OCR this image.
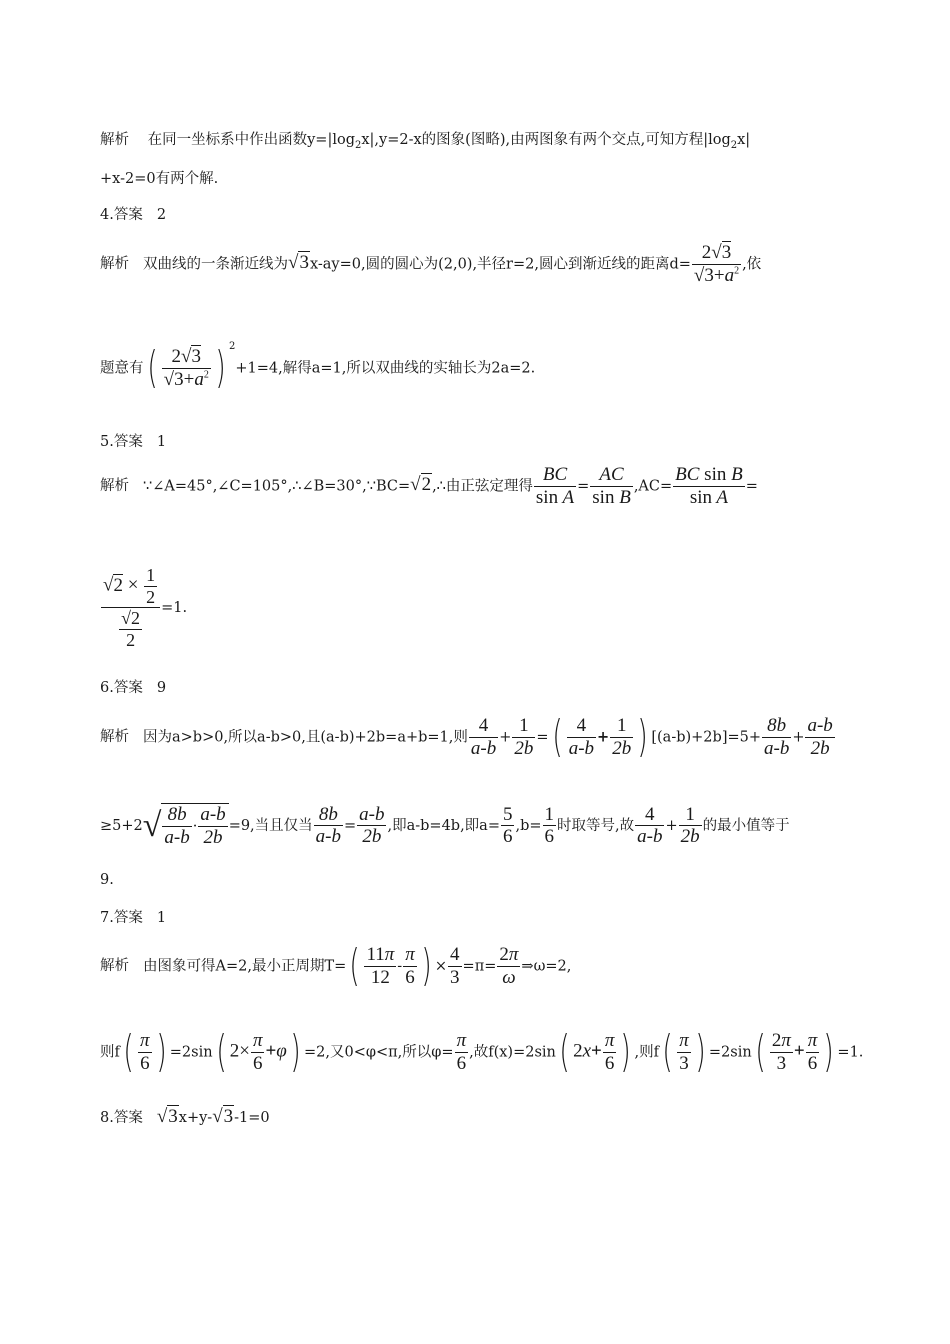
解析 在同一坐标系中作出函数$y=|\log_2x|,y=2-x$的图象(图略),由两图象有两个交点,可知方程$|\log_2x|$
+x-2=0有两个解.
4.答案 2
解析 双曲线的一条渐近线为√3x-ay=0,圆的圆心为(2,0),半径r=2,圆心到渐近线的距离$d= \frac{2√3}{√3+a^2}$ ,依
题意有( $\frac{2√3}{√3+a^2}$ ) $^2$+1=4,解得a=1,所以双曲线的实轴长为2a=2.
5.答案 1
解析 ∵∠A=45°,∠C=105°,∴∠B=30°,∵BC=√2,∴由正弦定理得 $\frac{BC}{\text{sin A}} = \frac{AC}{\text{sin B}} ,AC= \frac{\text{BC sin B}}{\text{sin A}}$ =
$\frac{√2 \times \frac{1}{2}}{\frac{√2}{2}} =1$.
6.答案 9
解析 因为a>b>0,所以a-b>0,且(a-b)+2b=a+b=1,则 $\frac{4}{a-b} + \frac{1}{2b}$ =( $\frac{4}{a-b} + \frac{1}{2b}$ ) $[(a-b)+2b]=5+ \frac{8b}{a-b} + \frac{a-b}{2b}$
$\ge 5+2√ \frac{8b}{a-b} \cdot \frac{a-b}{2b} =9$,当且仅当 $\frac{8b}{a-b} = \frac{a-b}{2b}$ ,即a-b=4b,即$a= \frac{5}{6} ,b= \frac{1}{6}$ 时取等号,故 $\frac{4}{a-b} + \frac{1}{2b}$ 的最小值等于
9.
7.答案 1
解析 由图象可得A=2,最小正周期$T=( \frac{11\pi}{12} - \frac{\pi}{6}$ ) × $\frac{4}{3} =\pi= \frac{2\pi}{\omega}$ ⇒ω=2,
则$f( \frac{\pi}{6}$ ) =2sin( $2\times \frac{\pi}{6} +\varphi) =2$,又0<φ<π,所以$\varphi= \frac{\pi}{6}$ ,故f(x)=2sin( $2x+ \frac{\pi}{6}$ ) ,则$f( \frac{\pi}{3}$ ) $=2\sin( \frac{2\pi}{3} + \frac{\pi}{6}$ ) =1.
8.答案 √3x+y-√3-1=0
